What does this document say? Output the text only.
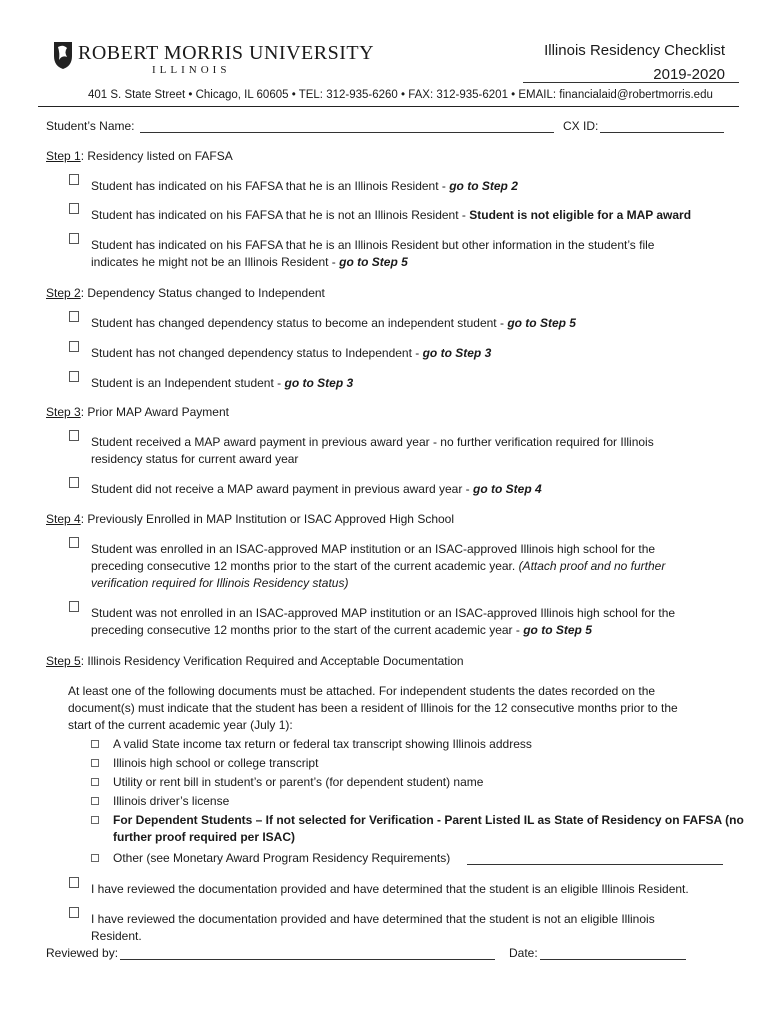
ROBERT MORRIS UNIVERSITY
ILLINOIS
Illinois Residency Checklist
2019-2020
401 S. State Street • Chicago, IL 60605 • TEL: 312-935-6260 • FAX: 312-935-6201 • EMAIL: financialaid@robertmorris.edu
Student’s Name:	CX ID:
Step 1: Residency listed on FAFSA
Student has indicated on his FAFSA that he is an Illinois Resident - go to Step 2
Student has indicated on his FAFSA that he is not an Illinois Resident - Student is not eligible for a MAP award
Student has indicated on his FAFSA that he is an Illinois Resident but other information in the student’s file
indicates he might not be an Illinois Resident - go to Step 5
Step 2: Dependency Status changed to Independent
Student has changed dependency status to become an independent student - go to Step 5
Student has not changed dependency status to Independent - go to Step 3
Student is an Independent student - go to Step 3
Step 3: Prior MAP Award Payment
Student received a MAP award payment in previous award year - no further verification required for Illinois
residency status for current award year
Student did not receive a MAP award payment in previous award year - go to Step 4
Step 4: Previously Enrolled in MAP Institution or ISAC Approved High School
Student was enrolled in an ISAC-approved MAP institution or an ISAC-approved Illinois high school for the
preceding consecutive 12 months prior to the start of the current academic year. (Attach proof and no further
verification required for Illinois Residency status)
Student was not enrolled in an ISAC-approved MAP institution or an ISAC-approved Illinois high school for the
preceding consecutive 12 months prior to the start of the current academic year - go to Step 5
Step 5: Illinois Residency Verification Required and Acceptable Documentation
At least one of the following documents must be attached. For independent students the dates recorded on the
document(s) must indicate that the student has been a resident of Illinois for the 12 consecutive months prior to the
start of the current academic year (July 1):
A valid State income tax return or federal tax transcript showing Illinois address
Illinois high school or college transcript
Utility or rent bill in student’s or parent’s (for dependent student) name
Illinois driver’s license
For Dependent Students – If not selected for Verification - Parent Listed IL as State of Residency on FAFSA (no
further proof required per ISAC)
Other (see Monetary Award Program Residency Requirements)
I have reviewed the documentation provided and have determined that the student is an eligible Illinois Resident.
I have reviewed the documentation provided and have determined that the student is not an eligible Illinois
Resident.
Reviewed by:	Date:
